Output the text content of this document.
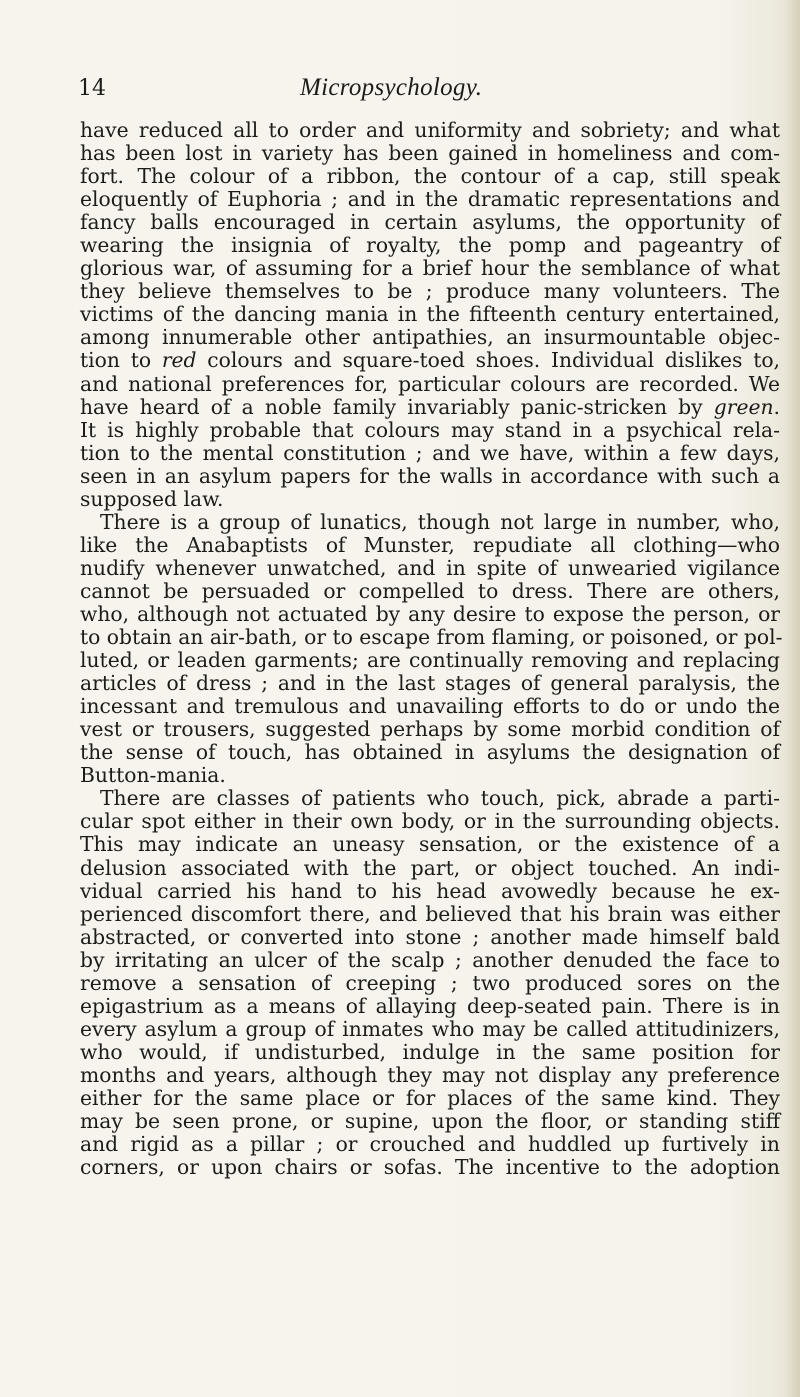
14	Micropsychology.
have reduced all to order and uniformity and sobriety; and what
has been lost in variety has been gained in homeliness and com-
fort. The colour of a ribbon, the contour of a cap, still speak
eloquently of Euphoria ; and in the dramatic representations and
fancy balls encouraged in certain asylums, the opportunity of
wearing the insignia of royalty, the pomp and pageantry of
glorious war, of assuming for a brief hour the semblance of what
they believe themselves to be ; produce many volunteers. The
victims of the dancing mania in the fifteenth century entertained,
among innumerable other antipathies, an insurmountable objec-
tion to red colours and square-toed shoes. Individual dislikes to,
and national preferences for, particular colours are recorded. We
have heard of a noble family invariably panic-stricken by green.
It is highly probable that colours may stand in a psychical rela-
tion to the mental constitution ; and we have, within a few days,
seen in an asylum papers for the walls in accordance with such a
supposed law.
There is a group of lunatics, though not large in number, who,
like the Anabaptists of Munster, repudiate all clothing—who
nudify whenever unwatched, and in spite of unwearied vigilance
cannot be persuaded or compelled to dress. There are others,
who, although not actuated by any desire to expose the person, or
to obtain an air-bath, or to escape from flaming, or poisoned, or pol-
luted, or leaden garments; are continually removing and replacing
articles of dress ; and in the last stages of general paralysis, the
incessant and tremulous and unavailing efforts to do or undo the
vest or trousers, suggested perhaps by some morbid condition of
the sense of touch, has obtained in asylums the designation of
Button-mania.
There are classes of patients who touch, pick, abrade a parti-
cular spot either in their own body, or in the surrounding objects.
This may indicate an uneasy sensation, or the existence of a
delusion associated with the part, or object touched. An indi-
vidual carried his hand to his head avowedly because he ex-
perienced discomfort there, and believed that his brain was either
abstracted, or converted into stone ; another made himself bald
by irritating an ulcer of the scalp ; another denuded the face to
remove a sensation of creeping ; two produced sores on the
epigastrium as a means of allaying deep-seated pain. There is in
every asylum a group of inmates who may be called attitudinizers,
who would, if undisturbed, indulge in the same position for
months and years, although they may not display any preference
either for the same place or for places of the same kind. They
may be seen prone, or supine, upon the floor, or standing stiff
and rigid as a pillar ; or crouched and huddled up furtively in
corners, or upon chairs or sofas. The incentive to the adoption
